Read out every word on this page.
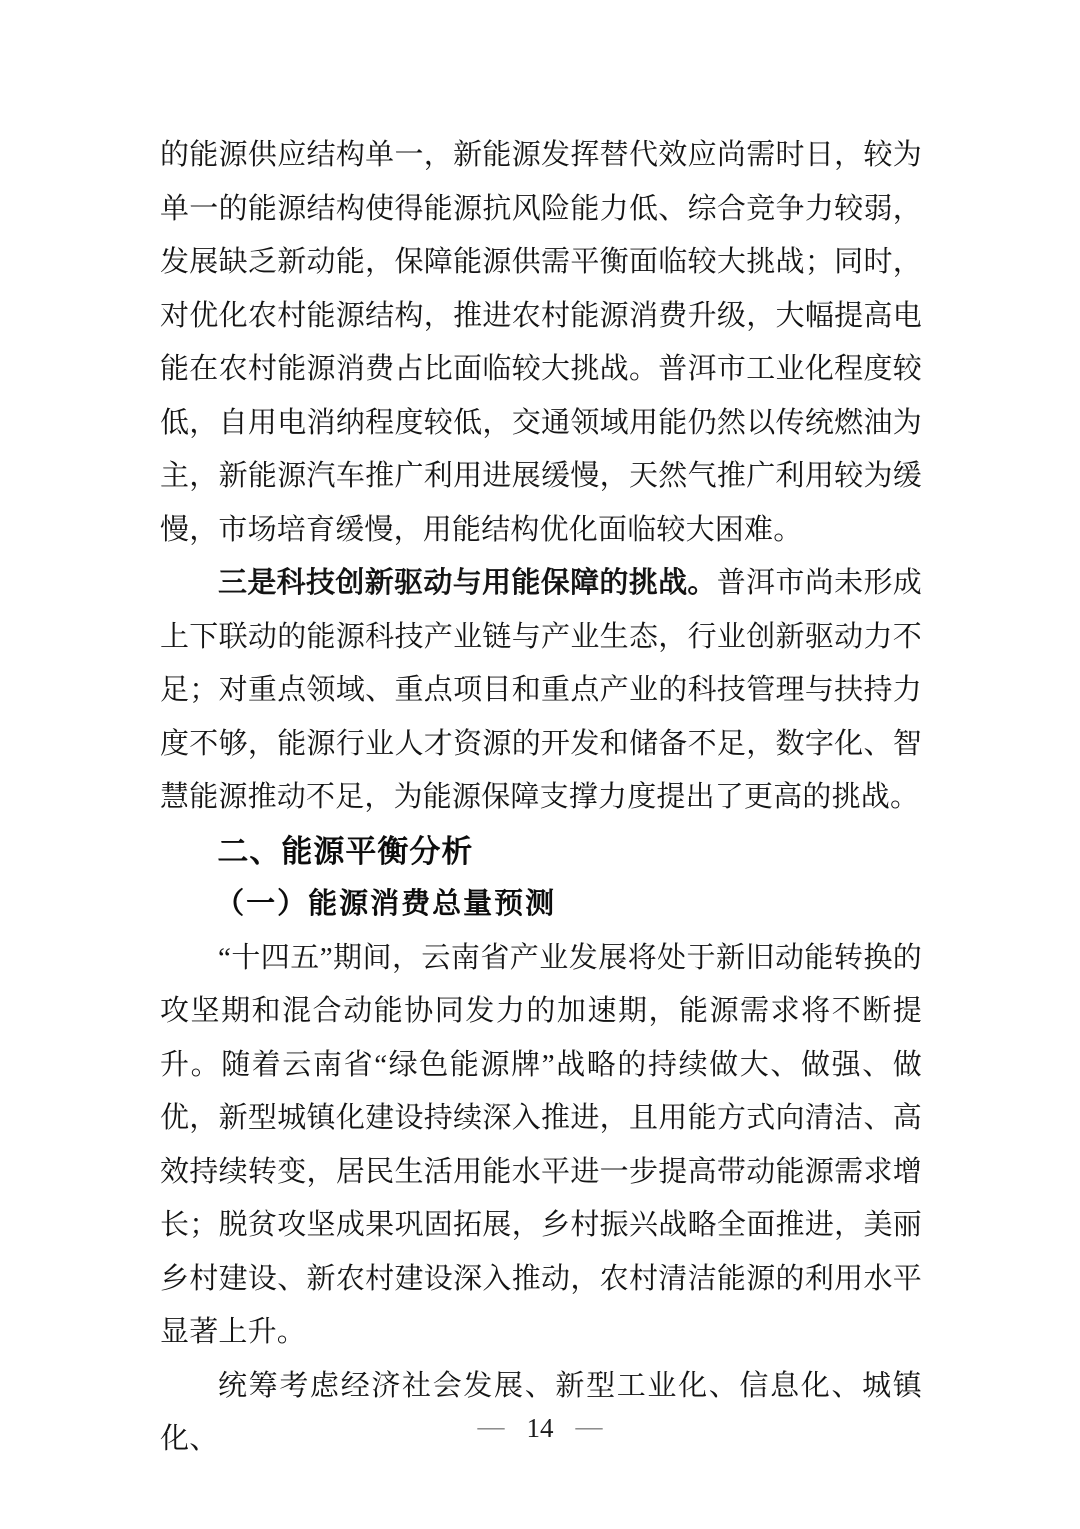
的能源供应结构单一，新能源发挥替代效应尚需时日，较为单一的能源结构使得能源抗风险能力低、综合竞争力较弱，发展缺乏新动能，保障能源供需平衡面临较大挑战；同时，对优化农村能源结构，推进农村能源消费升级，大幅提高电能在农村能源消费占比面临较大挑战。普洱市工业化程度较低，自用电消纳程度较低，交通领域用能仍然以传统燃油为主，新能源汽车推广利用进展缓慢，天然气推广利用较为缓慢，市场培育缓慢，用能结构优化面临较大困难。

三是科技创新驱动与用能保障的挑战。普洱市尚未形成上下联动的能源科技产业链与产业生态，行业创新驱动力不足；对重点领域、重点项目和重点产业的科技管理与扶持力度不够，能源行业人才资源的开发和储备不足，数字化、智慧能源推动不足，为能源保障支撑力度提出了更高的挑战。

二、能源平衡分析

（一）能源消费总量预测

“十四五”期间，云南省产业发展将处于新旧动能转换的攻坚期和混合动能协同发力的加速期，能源需求将不断提升。随着云南省“绿色能源牌”战略的持续做大、做强、做优，新型城镇化建设持续深入推进，且用能方式向清洁、高效持续转变，居民生活用能水平进一步提高带动能源需求增长；脱贫攻坚成果巩固拓展，乡村振兴战略全面推进，美丽乡村建设、新农村建设深入推动，农村清洁能源的利用水平显著上升。

统筹考虑经济社会发展、新型工业化、信息化、城镇化、	— 14 —
